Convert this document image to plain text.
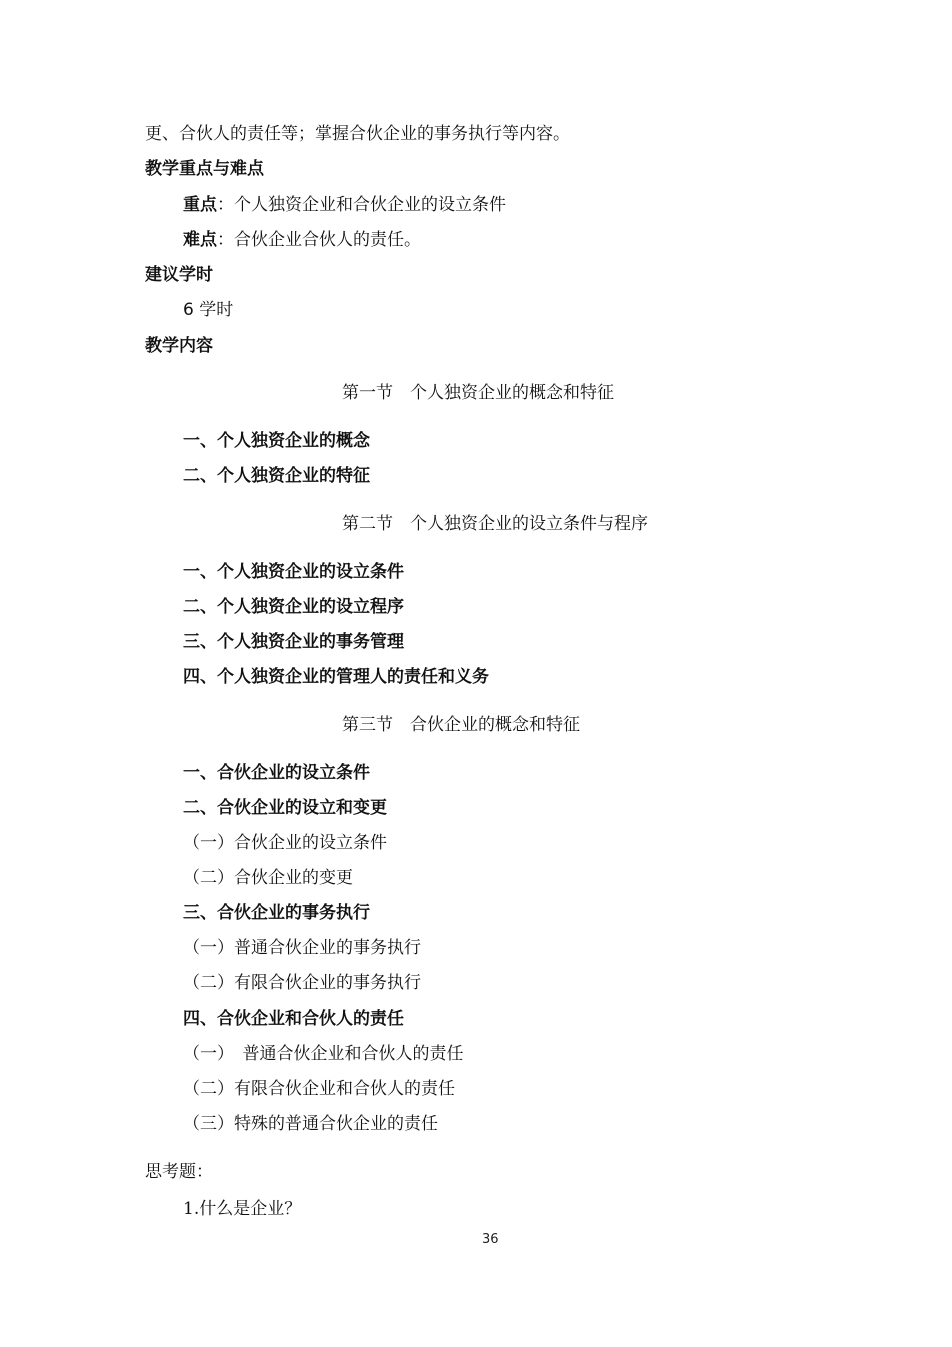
更、合伙人的责任等；掌握合伙企业的事务执行等内容。
教学重点与难点
重点：个人独资企业和合伙企业的设立条件
难点：合伙企业合伙人的责任。
建议学时
6 学时
教学内容
第一节　个人独资企业的概念和特征
一、个人独资企业的概念
二、个人独资企业的特征
第二节　个人独资企业的设立条件与程序
一、个人独资企业的设立条件
二、个人独资企业的设立程序
三、个人独资企业的事务管理
四、个人独资企业的管理人的责任和义务
第三节　合伙企业的概念和特征
一、合伙企业的设立条件
二、合伙企业的设立和变更
（一）合伙企业的设立条件
（二）合伙企业的变更
三、合伙企业的事务执行
（一）普通合伙企业的事务执行
（二）有限合伙企业的事务执行
四、合伙企业和合伙人的责任
（一）　普通合伙企业和合伙人的责任
（二）有限合伙企业和合伙人的责任
（三）特殊的普通合伙企业的责任
思考题：
1.什么是企业？
36
